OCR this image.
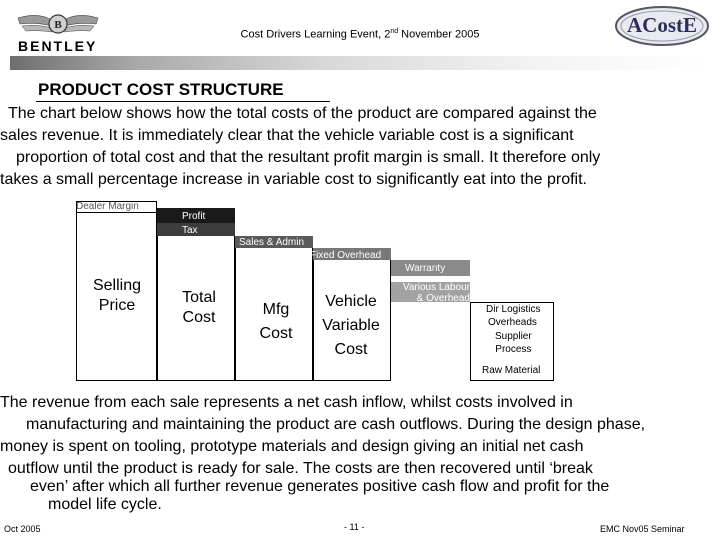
B
BENTLEY
Cost Drivers Learning Event, 2nd November 2005	ACostE
PRODUCT COST STRUCTURE
The chart below shows how the total costs of the product are compared against the
sales revenue. It is immediately clear that the vehicle variable cost is a significant
proportion of total cost and that the resultant profit margin is small. It therefore only
takes a small percentage increase in variable cost to significantly eat into the profit.
Dealer Margin
Selling
Price
Profit
Tax
Total
Cost
Sales & Admin
Mfg
Cost
Fixed Overhead
Vehicle
Variable
Cost
Warranty
Various Labour
& Overhead
Dir Logistics
Overheads
Supplier
Process
Raw Material
The revenue from each sale represents a net cash inflow, whilst costs involved in
manufacturing and maintaining the product are cash outflows. During the design phase,
money is spent on tooling, prototype materials and design giving an initial net cash
outflow until the product is ready for sale. The costs are then recovered until ‘break
even’ after which all further revenue generates positive cash flow and profit for the
model life cycle.
Oct 2005	- 11 -	EMC Nov05 Seminar
